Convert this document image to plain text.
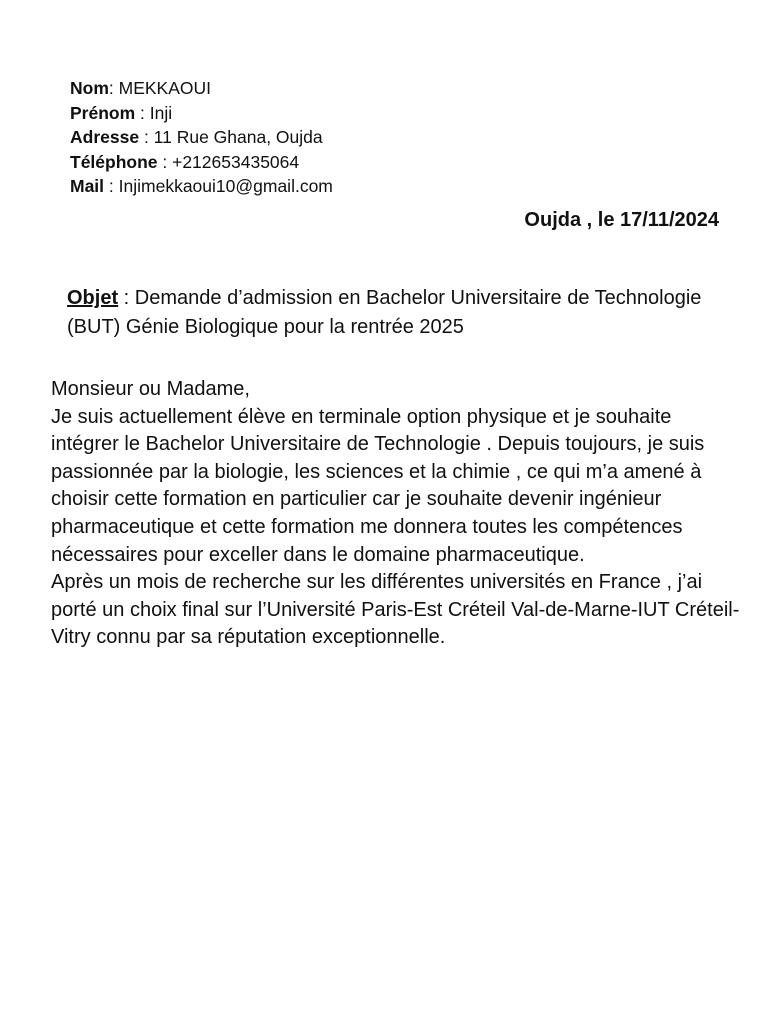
Nom: MEKKAOUI
Prénom : Inji
Adresse : 11 Rue Ghana, Oujda
Téléphone : +212653435064
Mail : Injimekkaoui10@gmail.com
Oujda , le 17/11/2024
Objet : Demande d’admission en Bachelor Universitaire de Technologie (BUT) Génie Biologique pour la rentrée 2025

Monsieur ou Madame,

Je suis actuellement élève en terminale option physique et je souhaite intégrer le Bachelor Universitaire de Technologie . Depuis toujours, je suis passionnée par la biologie, les sciences et la chimie , ce qui m’a amené à choisir cette formation en particulier car je souhaite devenir ingénieur pharmaceutique et cette formation me donnera toutes les compétences nécessaires pour exceller dans le domaine pharmaceutique.

Après un mois de recherche sur les différentes universités en France , j’ai porté un choix final sur l’Université Paris-Est Créteil Val-de-Marne-IUT Créteil-Vitry connu par sa réputation exceptionnelle.
